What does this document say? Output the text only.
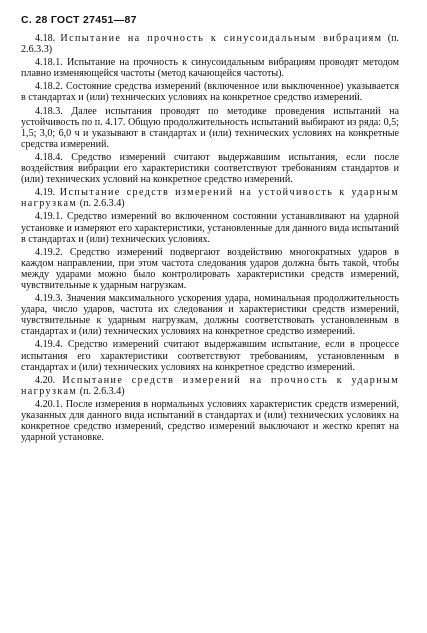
С. 28 ГОСТ 27451—87

4.18. Испытание на прочность к синусоидальным вибрациям (п. 2.6.3.3)

4.18.1. Испытание на прочность к синусоидальным вибрациям проводят методом плавно изменяющейся частоты (метод качающейся частоты).

4.18.2. Состояние средства измерений (включенное или выключенное) указывается в стандартах и (или) технических условиях на конкретное средство измерений.

4.18.3. Далее испытания проводят по методике проведения испытаний на устойчивость по п. 4.17. Общую продолжительность испытаний выбирают из ряда: 0,5; 1,5; 3,0; 6,0 ч и указывают в стандартах и (или) технических условиях на конкретные средства измерений.

4.18.4. Средство измерений считают выдержавшим испытания, если после воздействия вибрации его характеристики соответствуют требованиям стандартов и (или) технических условий на конкретное средство измерений.

4.19. Испытание средств измерений на устойчивость к ударным нагрузкам (п. 2.6.3.4)

4.19.1. Средство измерений во включенном состоянии устанавливают на ударной установке и измеряют его характеристики, установленные для данного вида испытаний в стандартах и (или) технических условиях.

4.19.2. Средство измерений подвергают воздействию многократных ударов в каждом направлении, при этом частота следования ударов должна быть такой, чтобы между ударами можно было контролировать характеристики средств измерений, чувствительные к ударным нагрузкам.

4.19.3. Значения максимального ускорения удара, номинальная продолжительность удара, число ударов, частота их следования и характеристики средств измерений, чувствительные к ударным нагрузкам, должны соответствовать установленным в стандартах и (или) технических условиях на конкретное средство измерений.

4.19.4. Средство измерений считают выдержавшим испытание, если в процессе испытания его характеристики соответствуют требованиям, установленным в стандартах и (или) технических условиях на конкретное средство измерений.

4.20. Испытание средств измерений на прочность к ударным нагрузкам (п. 2.6.3.4)

4.20.1. После измерения в нормальных условиях характеристик средств измерений, указанных для данного вида испытаний в стандартах и (или) технических условиях на конкретное средство измерений, средство измерений выключают и жестко крепят на ударной установке.
